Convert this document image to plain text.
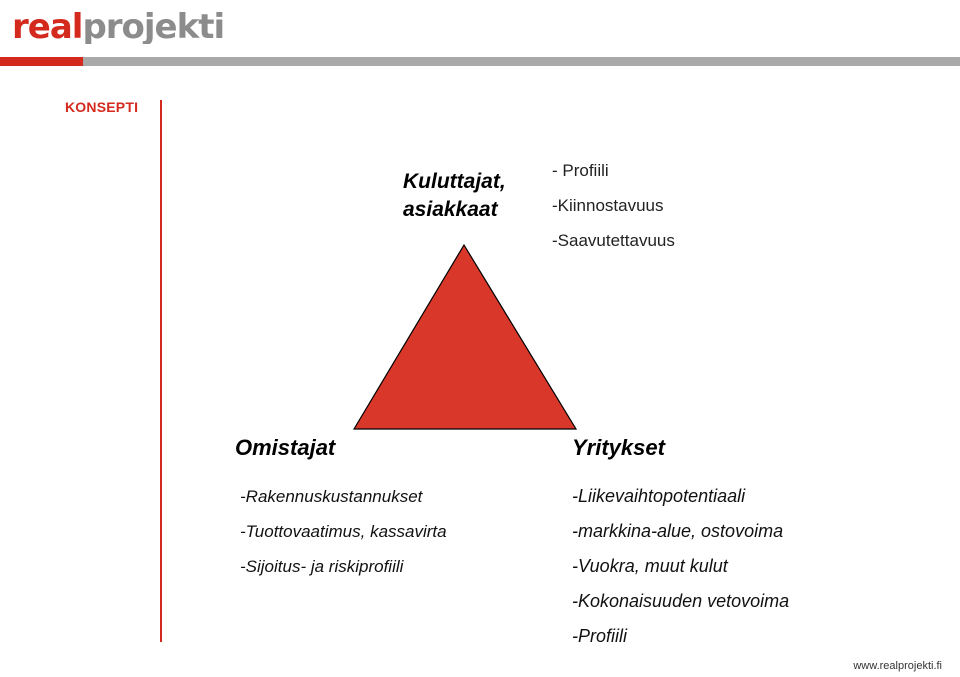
realprojekti
KONSEPTI
Kuluttajat,
asiakkaat
- Profiili
-Kiinnostavuus
-Saavutettavuus
Omistajat
-Rakennuskustannukset
-Tuottovaatimus, kassavirta
-Sijoitus- ja riskiprofiili
Yritykset
-Liikevaihtopotentiaali
-markkina-alue, ostovoima
-Vuokra, muut kulut
-Kokonaisuuden vetovoima
-Profiili
www.realprojekti.fi
